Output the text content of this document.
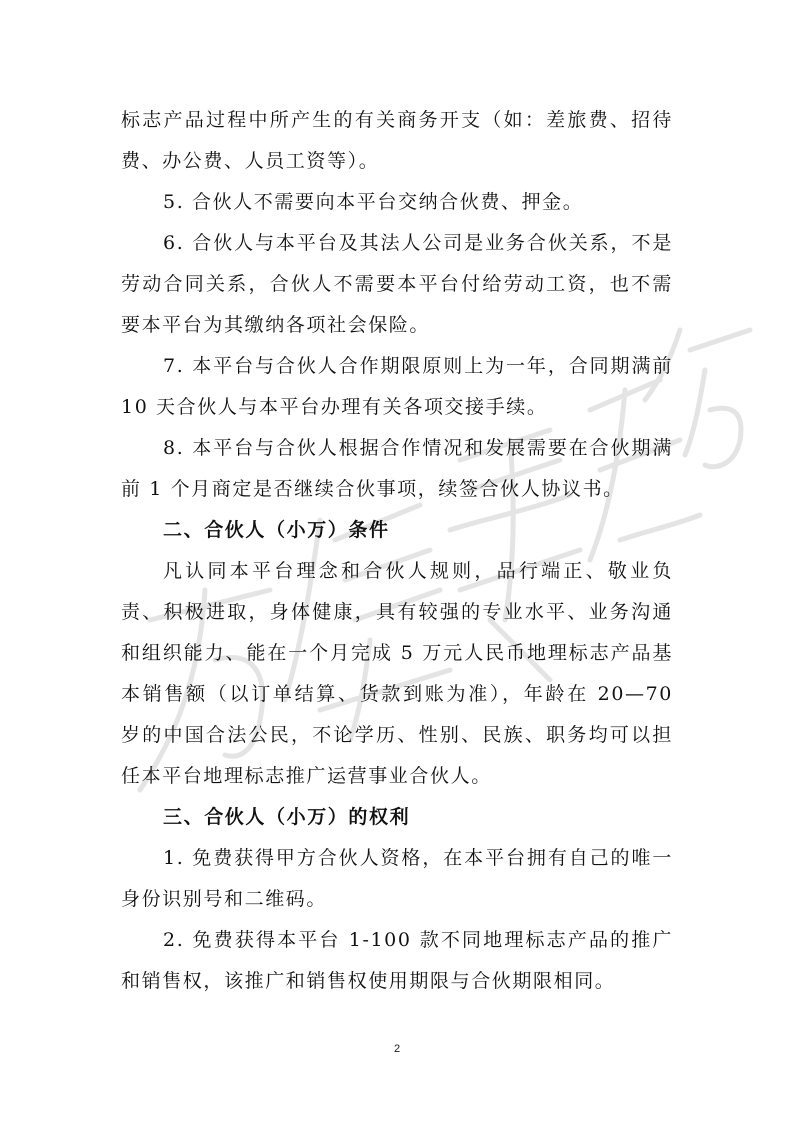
标志产品过程中所产生的有关商务开支（如：差旅费、招待费、办公费、人员工资等）。

5. 合伙人不需要向本平台交纳合伙费、押金。

6. 合伙人与本平台及其法人公司是业务合伙关系，不是劳动合同关系，合伙人不需要本平台付给劳动工资，也不需要本平台为其缴纳各项社会保险。

7. 本平台与合伙人合作期限原则上为一年，合同期满前10 天合伙人与本平台办理有关各项交接手续。

8. 本平台与合伙人根据合作情况和发展需要在合伙期满前 1 个月商定是否继续合伙事项，续签合伙人协议书。

二、合伙人（小万）条件

凡认同本平台理念和合伙人规则，品行端正、敬业负责、积极进取，身体健康，具有较强的专业水平、业务沟通和组织能力、能在一个月完成 5 万元人民币地理标志产品基本销售额（以订单结算、货款到账为准），年龄在 20—70 岁的中国合法公民，不论学历、性别、民族、职务均可以担任本平台地理标志推广运营事业合伙人。

三、合伙人（小万）的权利

1. 免费获得甲方合伙人资格，在本平台拥有自己的唯一身份识别号和二维码。

2. 免费获得本平台 1-100 款不同地理标志产品的推广和销售权，该推广和销售权使用期限与合伙期限相同。

2
